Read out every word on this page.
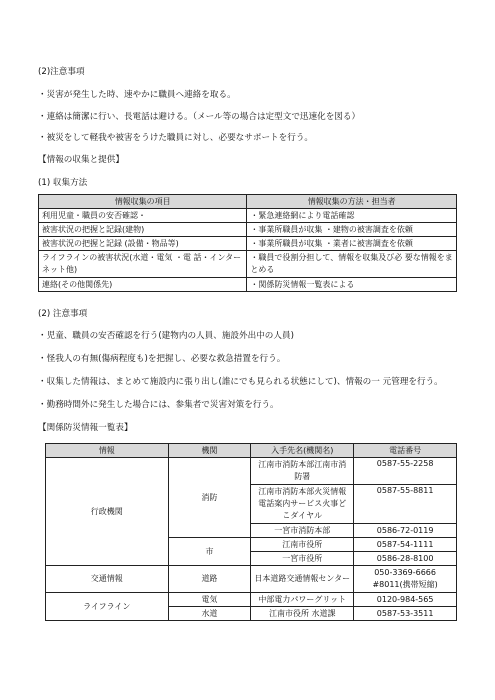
(2)注意事項
・災害が発生した時、速やかに職員へ連絡を取る。
・連絡は簡潔に行い、長電話は避ける。（メール等の場合は定型文で迅速化を図る）
・被災をして軽我や被害をうけた職員に対し、必要なサポートを行う。
【情報の収集と提供】
(1) 収集方法
情報収集の項目	情報収集の方法・担当者
利用児童・職員の安否確認・	・緊急連絡網により電話確認
被害状況の把握と記録(建物)	・事業所職員が収集 ・建物の被害調査を依頼
被害状況の把握と記録 (設備・物品等)	・事業所職員が収集 ・業者に被害調査を依頼
ライフラインの被害状況(水道・電気 ・電 話・インターネット他)	・職員で役割分担して、情報を収集及び必 要な情報をまとめる
連絡(その他関係先)	・関係防災情報一覧表による
(2) 注意事項
・児童、職員の安否確認を行う(建物内の人員、施設外出中の人員)
・怪我人の有無(傷病程度も)を把握し、必要な救急措置を行う。
・収集した情報は、まとめて施設内に張り出し(誰にでも見られる状態にして)、情報の一 元管理を行う。
・勤務時間外に発生した場合には、参集者で災害対策を行う。
【関係防災情報一覧表】
情報	機関	入手先名(機関名)	電話番号
行政機関	消防	江南市消防本部江南市消防署	0587-55-2258
		江南市消防本部火災情報電話案内サービス火事どこダイヤル	0587-55-8811
		一宮市消防本部	0586-72-0119
	市	江南市役所	0587-54-1111
		一宮市役所	0586-28-8100
交通情報	道路	日本道路交通情報センター	050-3369-6666 #8011(携帯短縮)
ライフライン	電気	中部電力パワーグリット	0120-984-565
	水道	江南市役所 水道課	0587-53-3511
